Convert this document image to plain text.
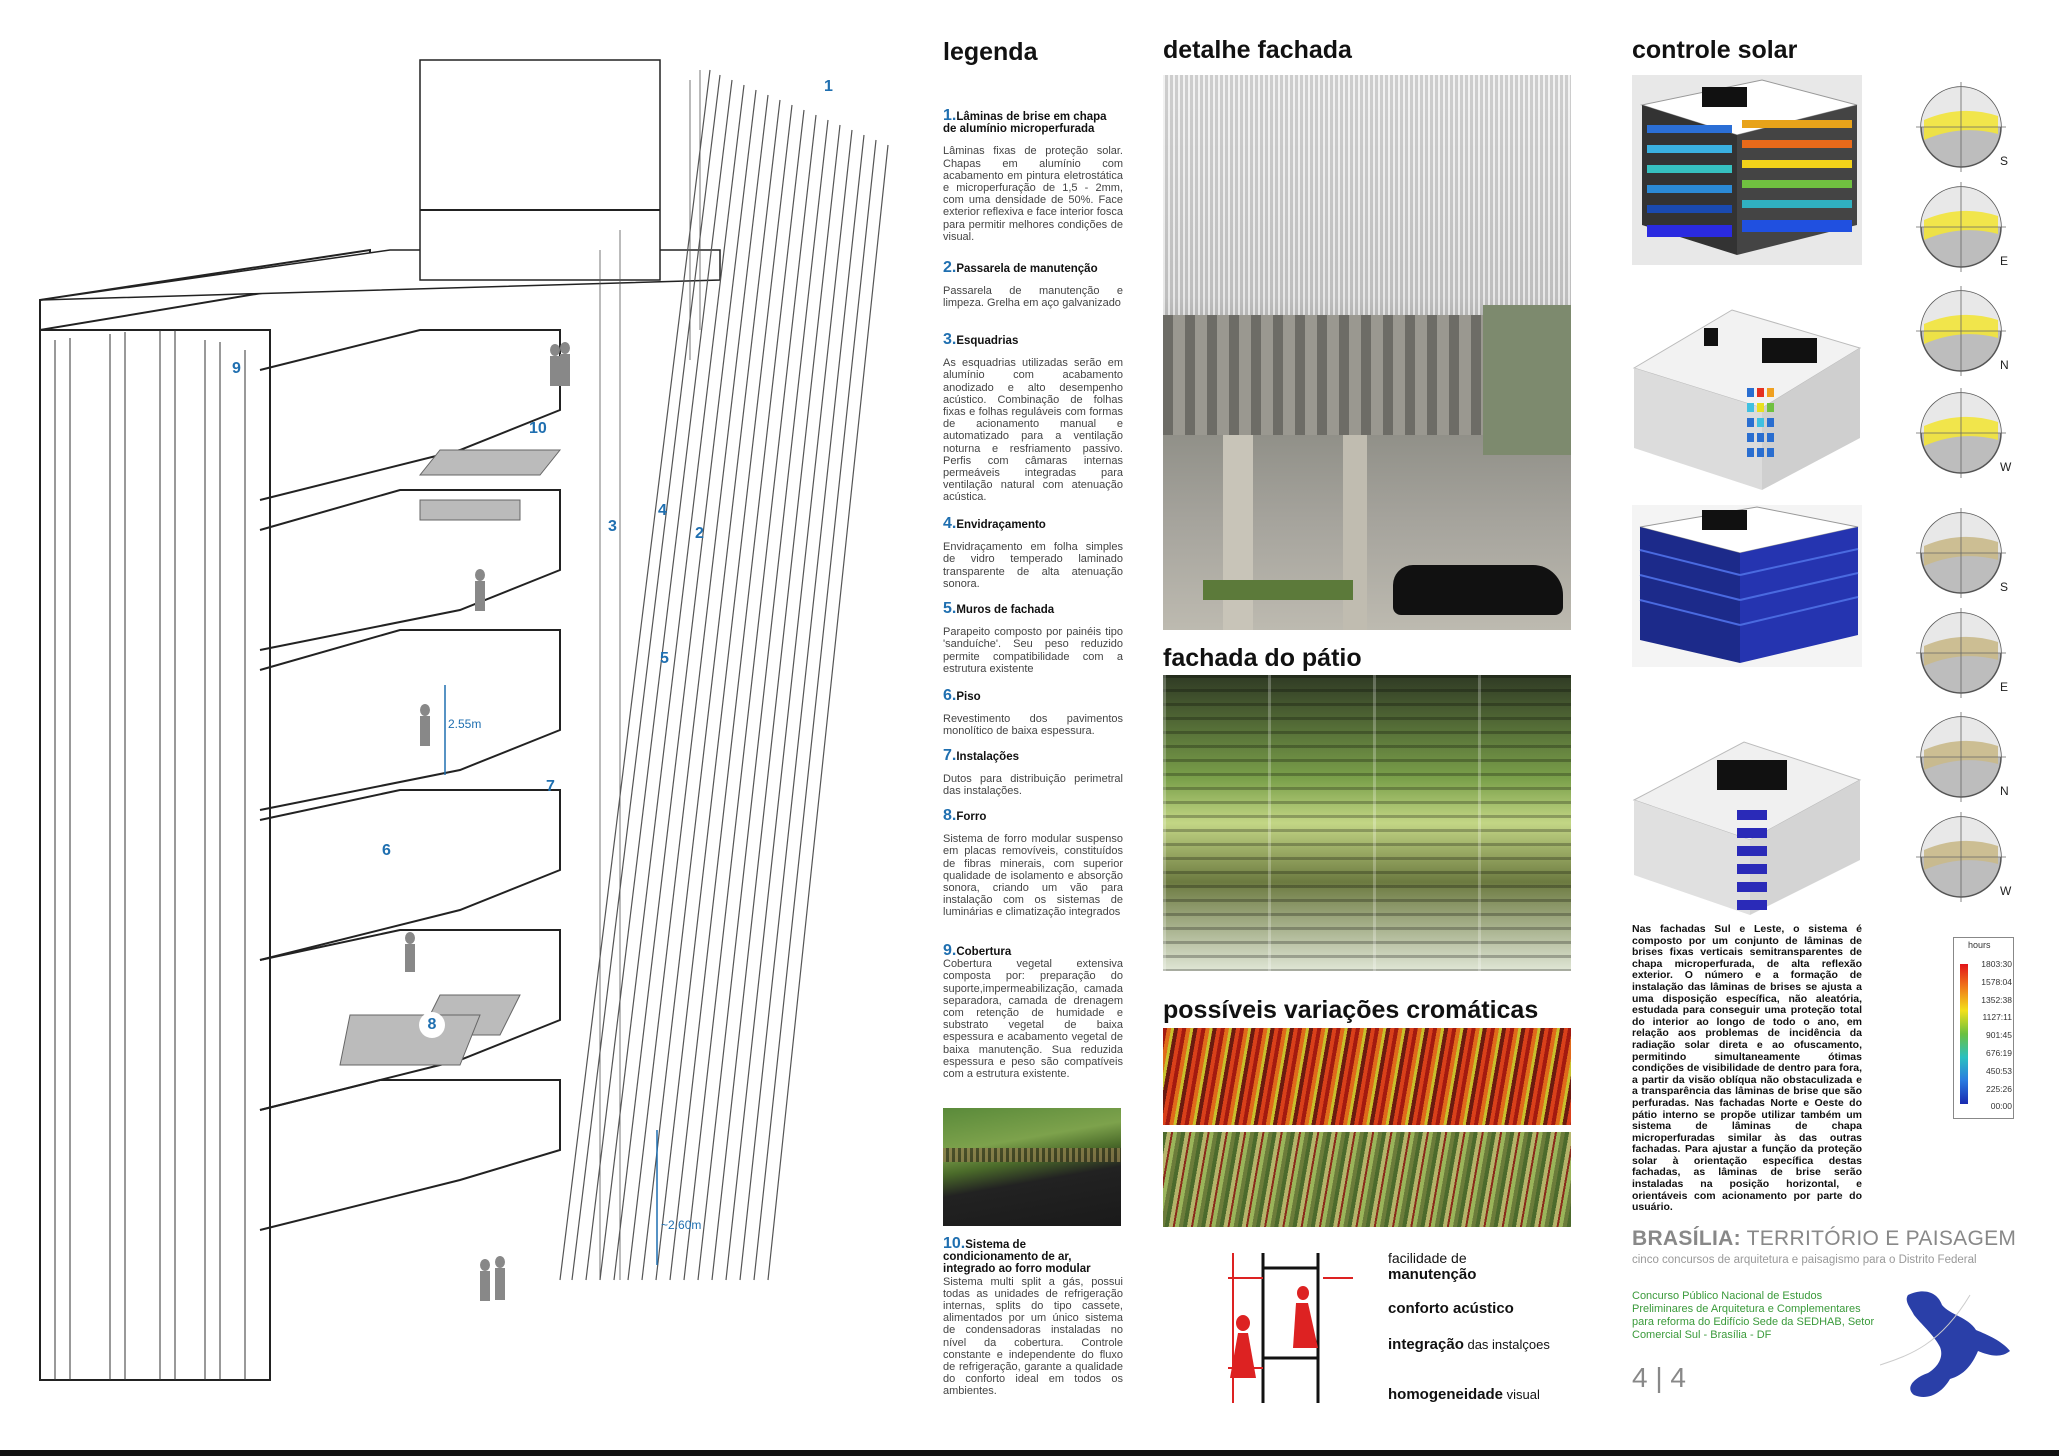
1
2
3
4
5
6
7
8
9
10
2.55m
~2.60m
legenda
1.Lâminas de brise em chapa de alumínio microperfurada

Lâminas fixas de proteção solar. Chapas em alumínio com acabamento em pintura eletrostática e microperfuração de 1,5 - 2mm, com uma densidade de 50%. Face exterior reflexiva e face interior fosca para permitir melhores condições de visual.

2.Passarela de manutenção

Passarela de manutenção e limpeza. Grelha em aço galvanizado

3.Esquadrias

As esquadrias utilizadas serão em alumínio com acabamento anodizado e alto desempenho acústico. Combinação de folhas fixas e folhas reguláveis com formas de acionamento manual e automatizado para a ventilação noturna e resfriamento passivo. Perfis com câmaras internas permeáveis integradas para ventilação natural com atenuação acústica.

4.Envidraçamento

Envidraçamento em folha simples de vidro temperado laminado transparente de alta atenuação sonora.

5.Muros de fachada

Parapeito composto por painéis tipo 'sanduíche'. Seu peso reduzido permite compatibilidade com a estrutura existente

6.Piso

Revestimento dos pavimentos monolítico de baixa espessura.

7.Instalações

Dutos para distribuição perimetral das instalações.

8.Forro

Sistema de forro modular suspenso em placas removíveis, constituídos de fibras minerais, com superior qualidade de isolamento e absorção sonora, criando um vão para instalação com os sistemas de luminárias e climatização integrados

9.Cobertura

Cobertura vegetal extensiva composta por: preparação do suporte,impermeabilização, camada separadora, camada de drenagem com retenção de humidade e substrato vegetal de baixa espessura e acabamento vegetal de baixa manutenção. Sua reduzida espessura e peso são compatíveis com a estrutura existente.

10.Sistema de condicionamento de ar, integrado ao forro modular

Sistema multi split a gás, possui todas as unidades de refrigeração internas, splits do tipo cassete, alimentados por um único sistema de condensadoras instaladas no nível da cobertura. Controle constante e independente do fluxo de refrigeração, garante a qualidade do conforto ideal em todos os ambientes.

detalhe fachada
fachada do pátio
possíveis variações cromáticas
facilidade de
manutenção
conforto acústico
integração das instalçoes
homogeneidade visual
controle solar
hours
1803:30
1578:04
1352:38
1127:11
901:45
676:19
450:53
225:26
00:00
Nas fachadas Sul e Leste, o sistema é composto por um conjunto de lâminas de brises fixas verticais semitransparentes de chapa microperfurada, de alta reflexão exterior. O número e a formação de instalação das lâminas de brises se ajusta a uma disposição específica, não aleatória, estudada para conseguir uma proteção total do interior ao longo de todo o ano, em relação aos problemas de incidência da radiação solar direta e ao ofuscamento, permitindo simultaneamente ótimas condições de visibilidade de dentro para fora, a partir da visão oblíqua não obstaculizada e a transparência das lâminas de brise que são perfuradas. Nas fachadas Norte e Oeste do pátio interno se propõe utilizar também um sistema de lâminas de chapa microperfuradas similar às das outras fachadas. Para ajustar a função da proteção solar à orientação específica destas fachadas, as lâminas de brise serão instaladas na posição horizontal, e orientáveis com acionamento por parte do usuário.
BRASÍLIA: TERRITÓRIO E PAISAGEM
cinco concursos de arquitetura e paisagismo para o Distrito Federal
Concurso Público Nacional de Estudos Preliminares de Arquitetura e Complementares para reforma do Edifício Sede da SEDHAB, Setor Comercial Sul - Brasília - DF
4 | 4
S
E
N
W
S
E
N
W
